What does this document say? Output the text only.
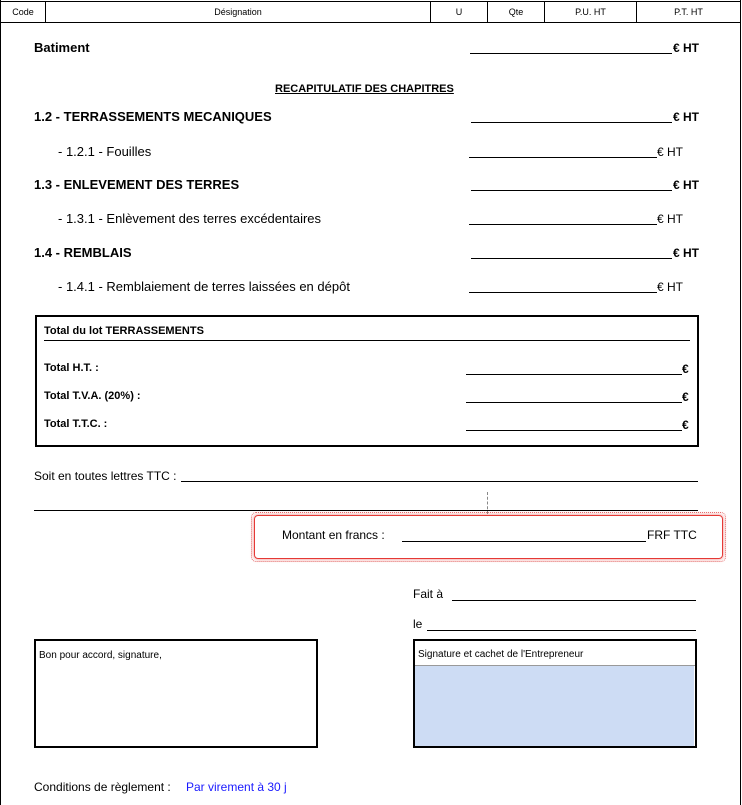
Code	Désignation	U	Qte	P.U. HT	P.T. HT
Batiment	€ HT
RECAPITULATIF DES CHAPITRES
1.2 - TERRASSEMENTS MECANIQUES	€ HT
- 1.2.1 - Fouilles	€ HT
1.3 - ENLEVEMENT DES TERRES	€ HT
- 1.3.1 - Enlèvement des terres excédentaires	€ HT
1.4 - REMBLAIS	€ HT
- 1.4.1 - Remblaiement de terres laissées en dépôt	€ HT
Total du lot TERRASSEMENTS
Total H.T. :	€
Total T.V.A. (20%) :	€
Total T.T.C. :	€
Soit en toutes lettres TTC :
Montant en francs :	FRF TTC
Fait à
le
Bon pour accord, signature,	Signature et cachet de l'Entrepreneur
Conditions de règlement : Par virement à 30 j
